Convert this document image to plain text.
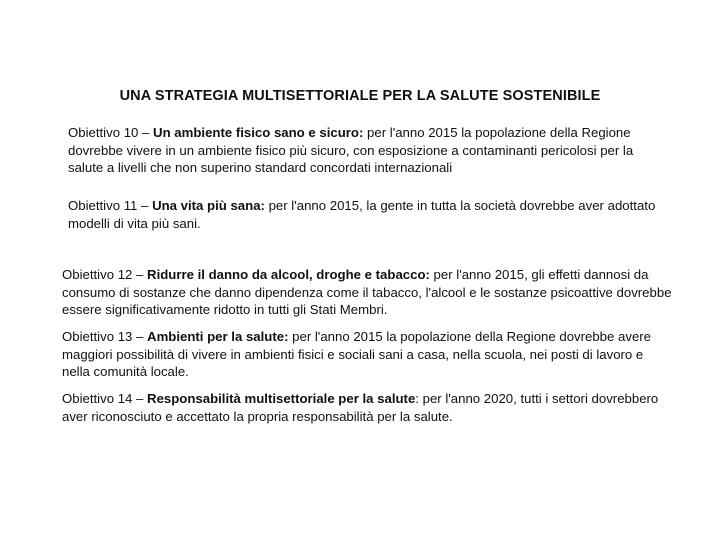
UNA STRATEGIA MULTISETTORIALE PER LA SALUTE SOSTENIBILE

Obiettivo 10 – Un ambiente fisico sano e sicuro: per l'anno 2015 la popolazione della Regione dovrebbe vivere in un ambiente fisico più sicuro, con esposizione a contaminanti pericolosi per la salute a livelli che non superino standard concordati internazionali

Obiettivo 11 – Una vita più sana: per l'anno 2015, la gente in tutta la società dovrebbe aver adottato modelli di vita più sani.

Obiettivo 12 – Ridurre il danno da alcool, droghe e tabacco: per l'anno 2015, gli effetti dannosi da consumo di sostanze che danno dipendenza come il tabacco, l'alcool e le sostanze psicoattive dovrebbe essere significativamente ridotto in tutti gli Stati Membri.

Obiettivo 13 – Ambienti per la salute: per l'anno 2015 la popolazione della Regione dovrebbe avere maggiori possibilità di vivere in ambienti fisici e sociali sani a casa, nella scuola, nei posti di lavoro e nella comunità locale.

Obiettivo 14 – Responsabilità multisettoriale per la salute: per l'anno 2020, tutti i settori dovrebbero aver riconosciuto e accettato la propria responsabilità per la salute.
